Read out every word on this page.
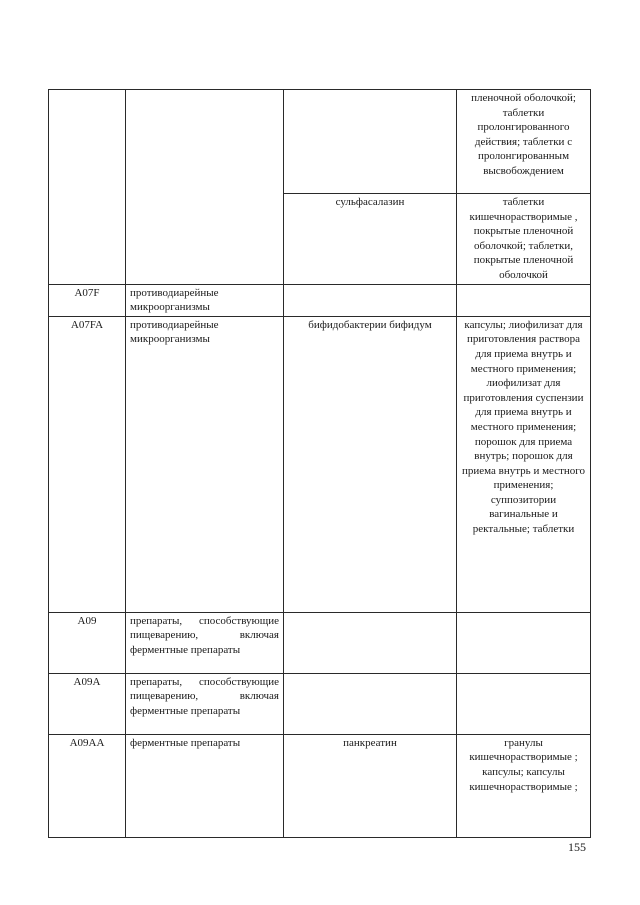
			пленочной оболочкой; таблетки пролонгированного действия; таблетки с пролонгированным высвобождением
		сульфасалазин	таблетки кишечнорастворимые , покрытые пленочной оболочкой; таблетки, покрытые пленочной оболочкой
A07F	противодиарейные микроорганизмы		
A07FA	противодиарейные микроорганизмы	бифидобактерии бифидум	капсулы; лиофилизат для приготовления раствора для приема внутрь и местного применения; лиофилизат для приготовления суспензии для приема внутрь и местного применения; порошок для приема внутрь; порошок для приема внутрь и местного применения; суппозитории вагинальные и ректальные; таблетки
A09	препараты, способствующие пищеварению, включая ферментные препараты		
A09A	препараты, способствующие пищеварению, включая ферментные препараты		
A09AA	ферментные препараты	панкреатин	гранулы кишечнорастворимые ; капсулы; капсулы кишечнорастворимые ;
155
